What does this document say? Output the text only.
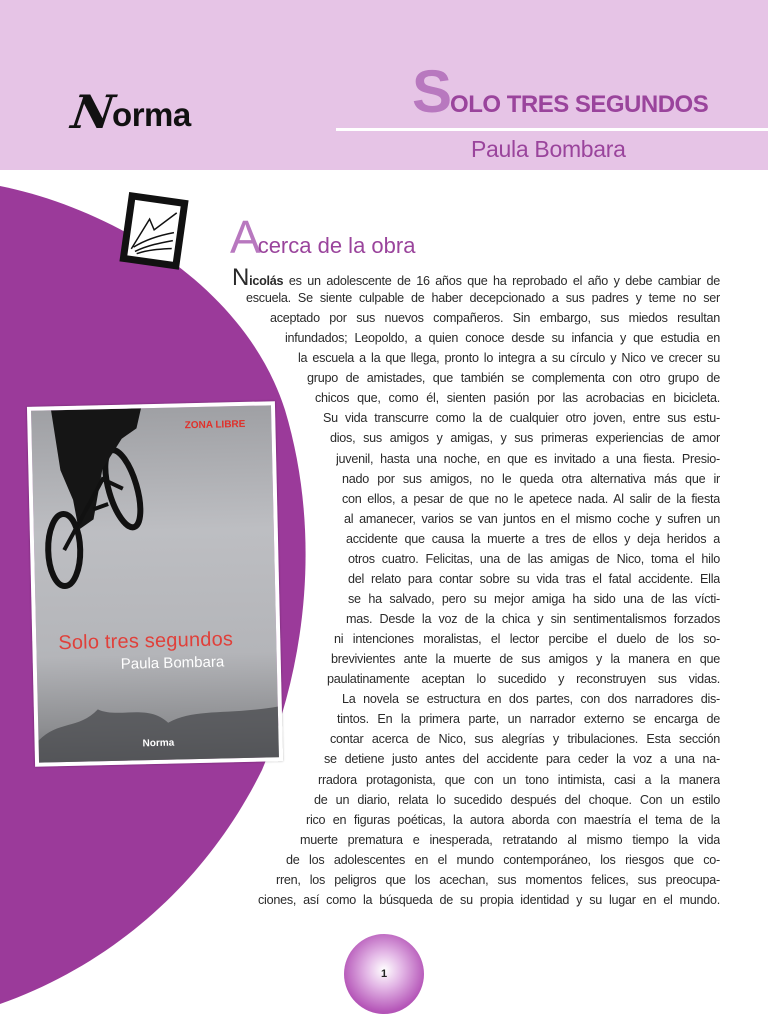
N
orma	SOLO TRES SEGUNDOS
Paula Bombara
Acerca de la obra
Nicolás es un adolescente de 16 años que ha reprobado el año y debe cambiar de
escuela. Se siente culpable de haber decepcionado a sus padres y teme no ser
aceptado por sus nuevos compañeros. Sin embargo, sus miedos resultan
infundados; Leopoldo, a quien conoce desde su infancia y que estudia en
la escuela a la que llega, pronto lo integra a su círculo y Nico ve crecer su
grupo de amistades, que también se complementa con otro grupo de
chicos que, como él, sienten pasión por las acrobacias en bicicleta.
Su vida transcurre como la de cualquier otro joven, entre sus estu-
dios, sus amigos y amigas, y sus primeras experiencias de amor
juvenil, hasta una noche, en que es invitado a una fiesta. Presio-
nado por sus amigos, no le queda otra alternativa más que ir
con ellos, a pesar de que no le apetece nada. Al salir de la fiesta
al amanecer, varios se van juntos en el mismo coche y sufren un
accidente que causa la muerte a tres de ellos y deja heridos a
otros cuatro. Felicitas, una de las amigas de Nico, toma el hilo
del relato para contar sobre su vida tras el fatal accidente. Ella
se ha salvado, pero su mejor amiga ha sido una de las vícti-
mas. Desde la voz de la chica y sin sentimentalismos forzados
ni intenciones moralistas, el lector percibe el duelo de los so-
brevivientes ante la muerte de sus amigos y la manera en que
paulatinamente aceptan lo sucedido y reconstruyen sus vidas.
La novela se estructura en dos partes, con dos narradores dis-
tintos. En la primera parte, un narrador externo se encarga de
contar acerca de Nico, sus alegrías y tribulaciones. Esta sección
se detiene justo antes del accidente para ceder la voz a una na-
rradora protagonista, que con un tono intimista, casi a la manera
de un diario, relata lo sucedido después del choque. Con un estilo
rico en figuras poéticas, la autora aborda con maestría el tema de la
muerte prematura e inesperada, retratando al mismo tiempo la vida
de los adolescentes en el mundo contemporáneo, los riesgos que co-
rren, los peligros que los acechan, sus momentos felices, sus preocupa-
ciones, así como la búsqueda de su propia identidad y su lugar en el mundo.
ZONA LIBRE
Solo tres segundos
Paula Bombara
Norma
1
